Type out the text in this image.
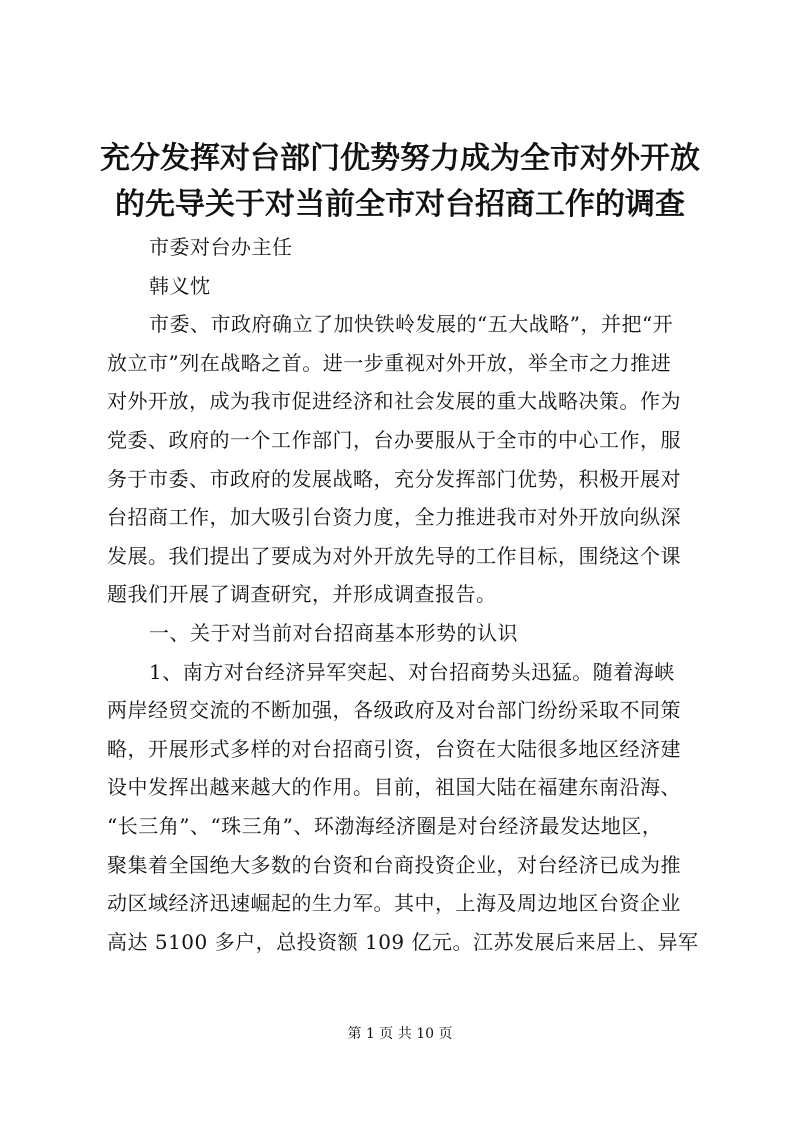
充分发挥对台部门优势努力成为全市对外开放
的先导关于对当前全市对台招商工作的调查
市委对台办主任
韩义忱
市委、市政府确立了加快铁岭发展的“五大战略”，并把“开
放立市”列在战略之首。进一步重视对外开放，举全市之力推进
对外开放，成为我市促进经济和社会发展的重大战略决策。作为
党委、政府的一个工作部门，台办要服从于全市的中心工作，服
务于市委、市政府的发展战略，充分发挥部门优势，积极开展对
台招商工作，加大吸引台资力度，全力推进我市对外开放向纵深
发展。我们提出了要成为对外开放先导的工作目标，围绕这个课
题我们开展了调查研究，并形成调查报告。
一、关于对当前对台招商基本形势的认识
1、南方对台经济异军突起、对台招商势头迅猛。随着海峡
两岸经贸交流的不断加强，各级政府及对台部门纷纷采取不同策
略，开展形式多样的对台招商引资，台资在大陆很多地区经济建
设中发挥出越来越大的作用。目前，祖国大陆在福建东南沿海、
“长三角”、“珠三角”、环渤海经济圈是对台经济最发达地区，
聚集着全国绝大多数的台资和台商投资企业，对台经济已成为推
动区域经济迅速崛起的生力军。其中，上海及周边地区台资企业
高达 5100 多户，总投资额 109 亿元。江苏发展后来居上、异军
第 1 页 共 10 页
